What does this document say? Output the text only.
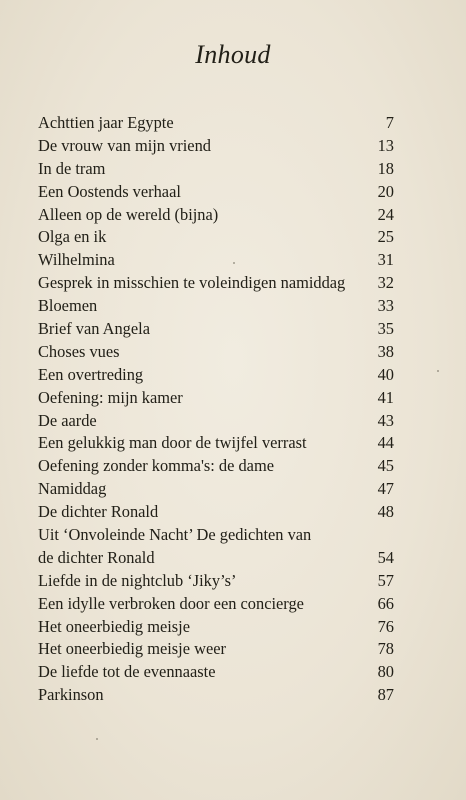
Inhoud
Achttien jaar Egypte	7
De vrouw van mijn vriend	13
In de tram	18
Een Oostends verhaal	20
Alleen op de wereld (bijna)	24
Olga en ik	25
Wilhelmina	31
Gesprek in misschien te voleindigen namiddag 32
Bloemen	33
Brief van Angela	35
Choses vues	38
Een overtreding	40
Oefening: mijn kamer	41
De aarde	43
Een gelukkig man door de twijfel verrast	44
Oefening zonder komma's: de dame	45
Namiddag	47
De dichter Ronald	48
Uit ‘Onvoleinde Nacht’ De gedichten van
de dichter Ronald	54
Liefde in de nightclub ‘Jiky’s’	57
Een idylle verbroken door een concierge	66
Het oneerbiedig meisje	76
Het oneerbiedig meisje weer	78
De liefde tot de evennaaste	80
Parkinson	87
